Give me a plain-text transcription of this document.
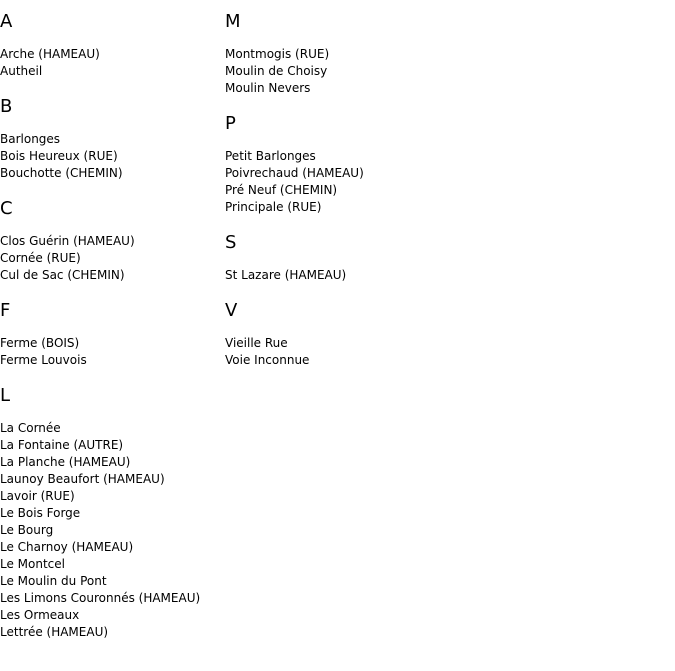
A
Arche (HAMEAU)
Autheil
B
Barlonges
Bois Heureux (RUE)
Bouchotte (CHEMIN)
C
Clos Guérin (HAMEAU)
Cornée (RUE)
Cul de Sac (CHEMIN)
F
Ferme (BOIS)
Ferme Louvois
L
La Cornée
La Fontaine (AUTRE)
La Planche (HAMEAU)
Launoy Beaufort (HAMEAU)
Lavoir (RUE)
Le Bois Forge
Le Bourg
Le Charnoy (HAMEAU)
Le Montcel
Le Moulin du Pont
Les Limons Couronnés (HAMEAU)
Les Ormeaux
Lettrée (HAMEAU)
M
Montmogis (RUE)
Moulin de Choisy
Moulin Nevers
P
Petit Barlonges
Poivrechaud (HAMEAU)
Pré Neuf (CHEMIN)
Principale (RUE)
S
St Lazare (HAMEAU)
V
Vieille Rue
Voie Inconnue
